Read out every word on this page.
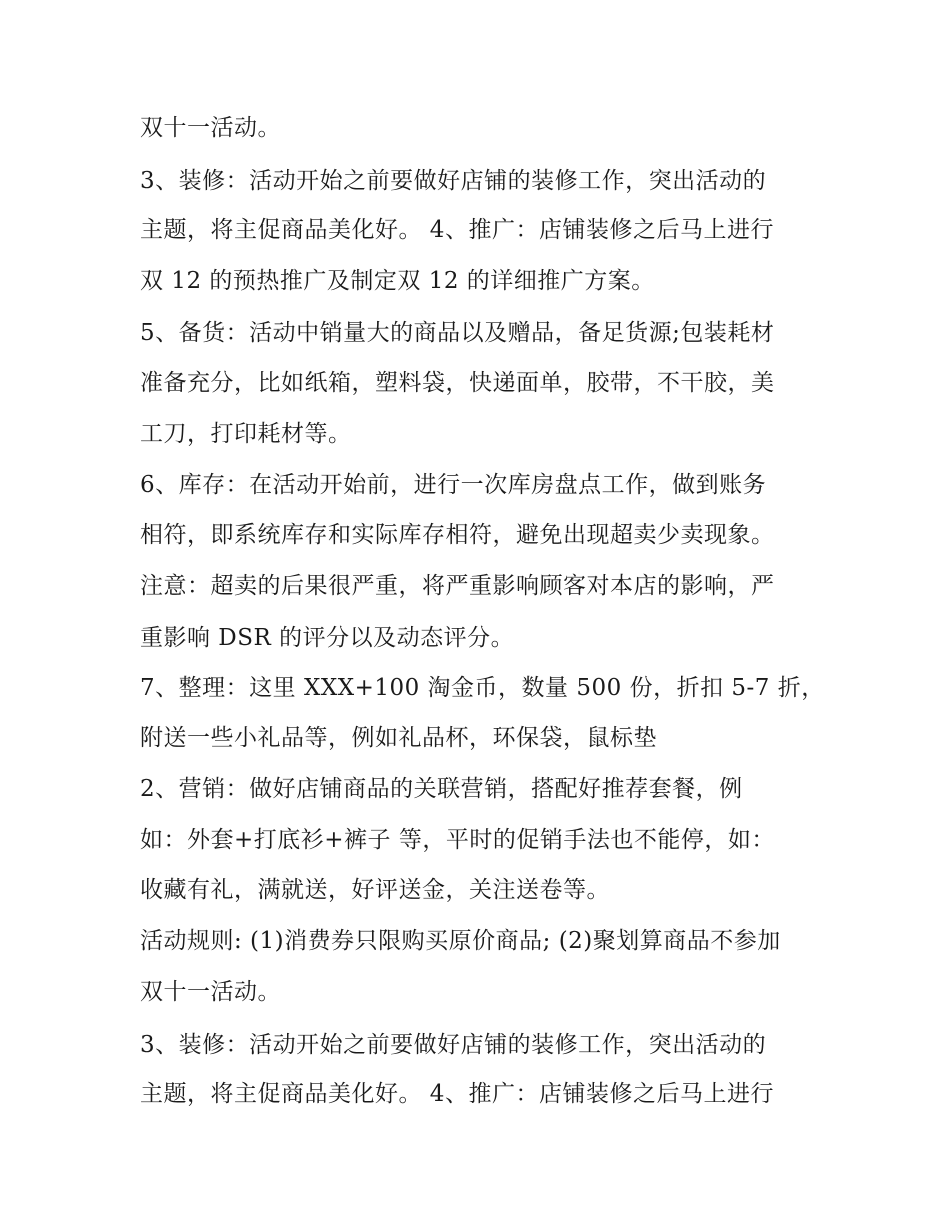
双十一活动。
3、装修：活动开始之前要做好店铺的装修工作，突出活动的
主题，将主促商品美化好。 4、推广：店铺装修之后马上进行
双 12 的预热推广及制定双 12 的详细推广方案。
5、备货：活动中销量大的商品以及赠品，备足货源;包装耗材
准备充分，比如纸箱，塑料袋，快递面单，胶带，不干胶，美
工刀，打印耗材等。
6、库存：在活动开始前，进行一次库房盘点工作，做到账务
相符，即系统库存和实际库存相符，避免出现超卖少卖现象。
注意：超卖的后果很严重，将严重影响顾客对本店的影响，严
重影响 DSR 的评分以及动态评分。
7、整理：这里 XXX+100 淘金币，数量 500 份，折扣 5-7 折，
附送一些小礼品等，例如礼品杯，环保袋，鼠标垫
2、营销：做好店铺商品的关联营销，搭配好推荐套餐，例
如：外套+打底衫+裤子 等，平时的促销手法也不能停，如：
收藏有礼，满就送，好评送金，关注送卷等。
活动规则: (1)消费券只限购买原价商品; (2)聚划算商品不参加
双十一活动。
3、装修：活动开始之前要做好店铺的装修工作，突出活动的
主题，将主促商品美化好。 4、推广：店铺装修之后马上进行
